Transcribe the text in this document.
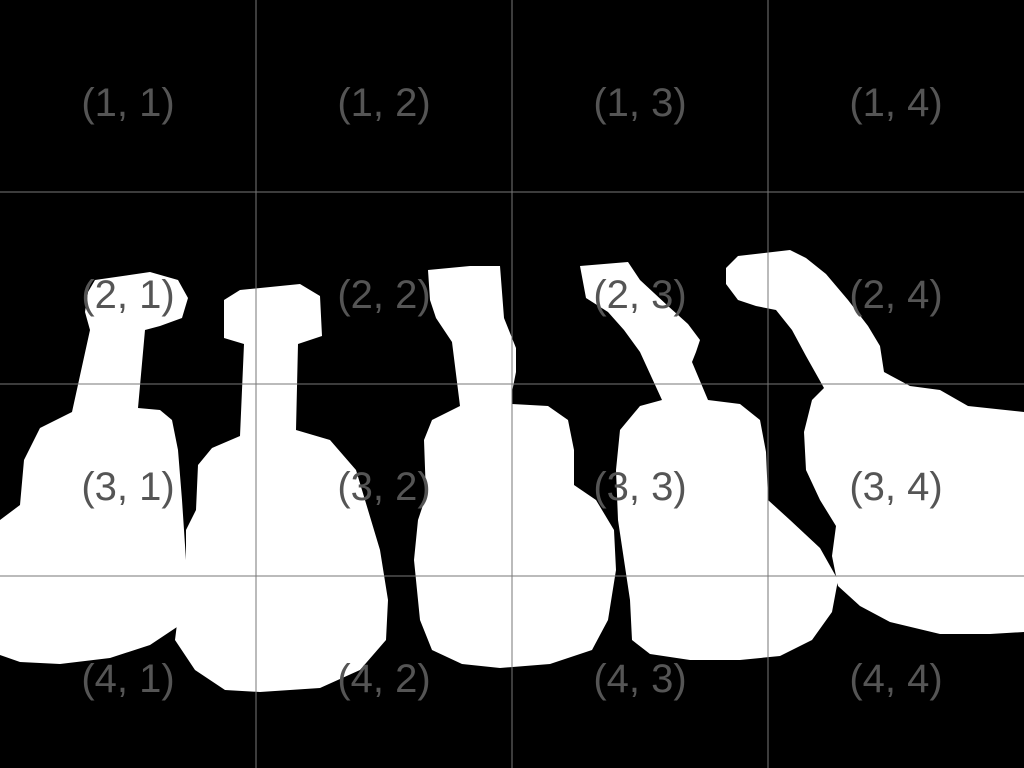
(1, 1)	(1, 2)	(1, 3)	(1, 4)
(2, 1)	(2, 2)	(2, 3)	(2, 4)
(3, 1)	(3, 2)	(3, 3)	(3, 4)
(4, 1)	(4, 2)	(4, 3)	(4, 4)
